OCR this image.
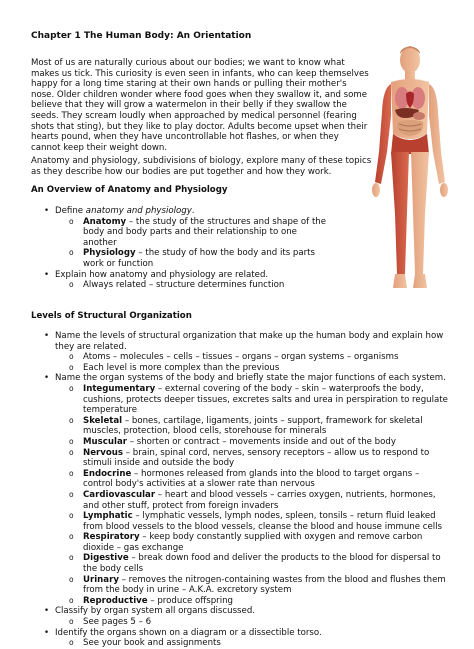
Chapter 1 The Human Body: An Orientation

Most of us are naturally curious about our bodies; we want to know what makes us tick. This curiosity is even seen in infants, who can keep themselves happy for a long time staring at their own hands or pulling their mother's nose. Older children wonder where food goes when they swallow it, and some believe that they will grow a watermelon in their belly if they swallow the seeds. They scream loudly when approached by medical personnel (fearing shots that sting), but they like to play doctor. Adults become upset when their hearts pound, when they have uncontrollable hot flashes, or when they cannot keep their weight down.

Anatomy and physiology, subdivisions of biology, explore many of these topics as they describe how our bodies are put together and how they work.

An Overview of Anatomy and Physiology

• Define anatomy and physiology.

o Anatomy – the study of the structures and shape of the body and body parts and their relationship to one another

o Physiology – the study of how the body and its parts work or function

• Explain how anatomy and physiology are related.

o Always related – structure determines function

Levels of Structural Organization

• Name the levels of structural organization that make up the human body and explain how they are related.

o Atoms – molecules – cells – tissues – organs – organ systems – organisms

o Each level is more complex than the previous

• Name the organ systems of the body and briefly state the major functions of each system.

o Integumentary – external covering of the body – skin – waterproofs the body, cushions, protects deeper tissues, excretes salts and urea in perspiration to regulate temperature

o Skeletal – bones, cartilage, ligaments, joints – support, framework for skeletal muscles, protection, blood cells, storehouse for minerals

o Muscular – shorten or contract – movements inside and out of the body

o Nervous – brain, spinal cord, nerves, sensory receptors – allow us to respond to stimuli inside and outside the body

o Endocrine – hormones released from glands into the blood to target organs – control body's activities at a slower rate than nervous

o Cardiovascular – heart and blood vessels – carries oxygen, nutrients, hormones, and other stuff, protect from foreign invaders

o Lymphatic – lymphatic vessels, lymph nodes, spleen, tonsils – return fluid leaked from blood vessels to the blood vessels, cleanse the blood and house immune cells

o Respiratory – keep body constantly supplied with oxygen and remove carbon dioxide – gas exchange

o Digestive – break down food and deliver the products to the blood for dispersal to the body cells

o Urinary – removes the nitrogen-containing wastes from the blood and flushes them from the body in urine – A.K.A. excretory system

o Reproductive – produce offspring

• Classify by organ system all organs discussed.

o See pages 5 – 6

• Identify the organs shown on a diagram or a dissectible torso.

o See your book and assignments
